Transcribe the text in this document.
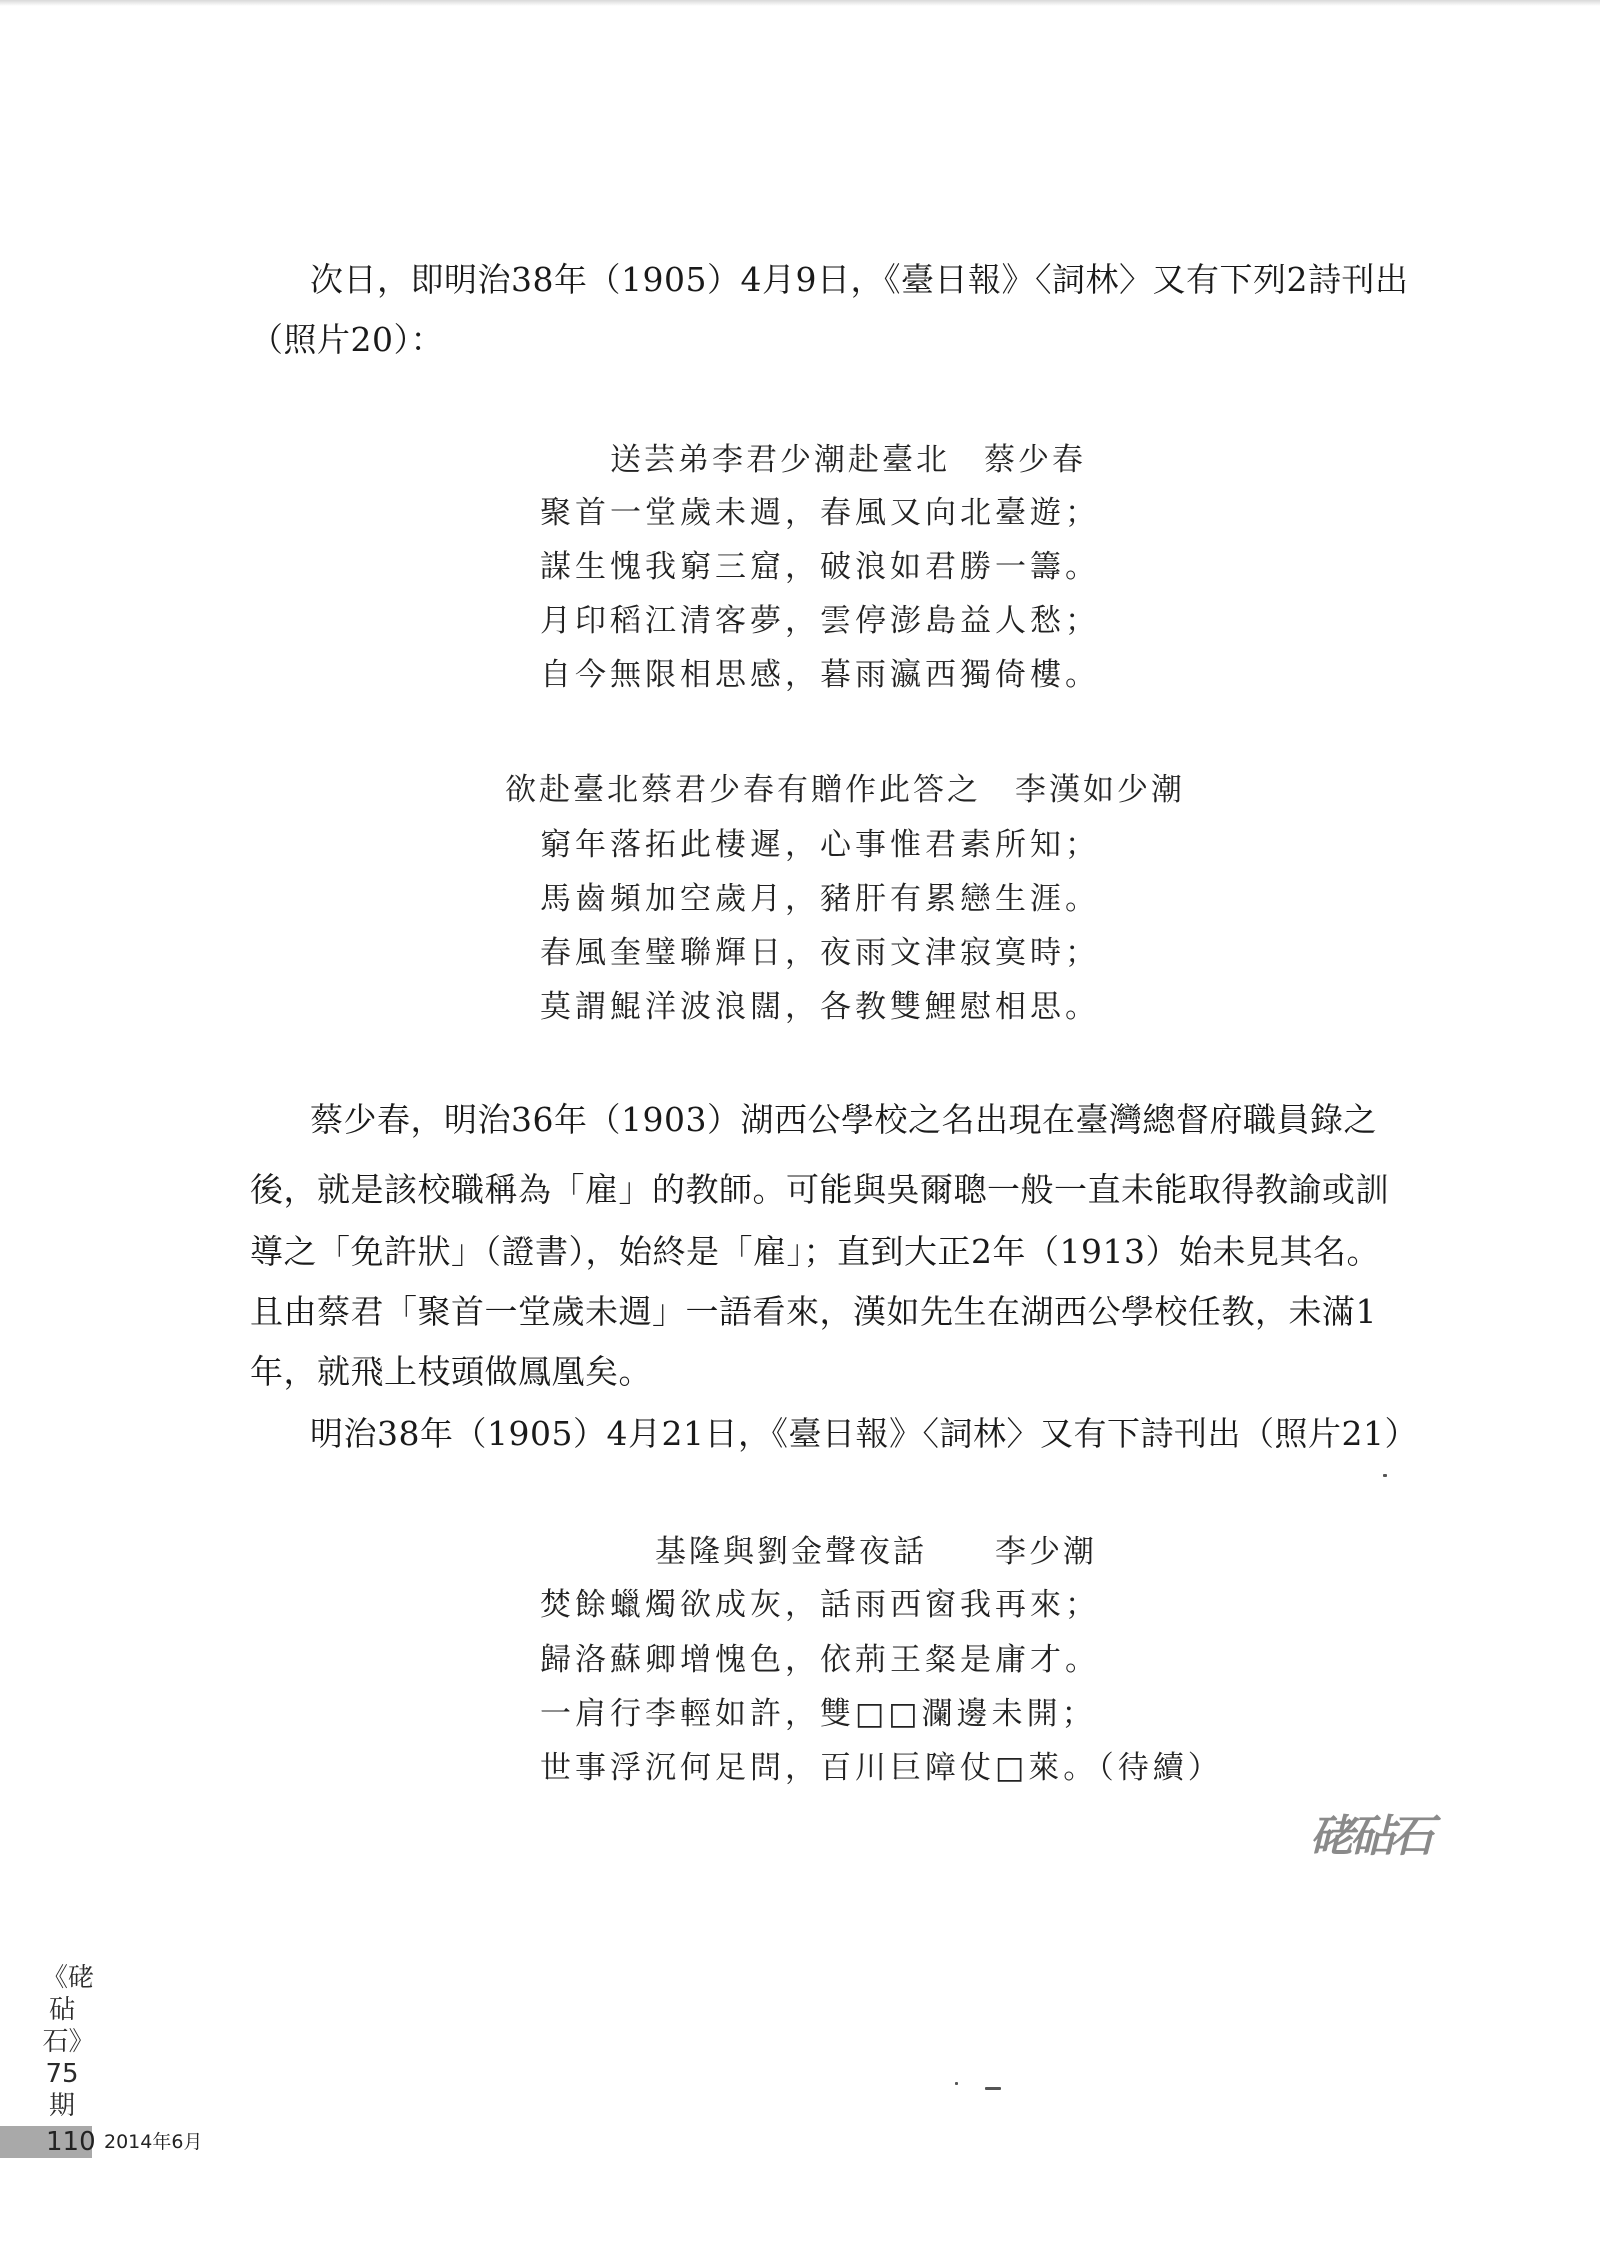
次日，即明治38年（1905）4月9日，《臺日報》〈詞林〉又有下列2詩刊出
（照片20）：
送芸弟李君少潮赴臺北　蔡少春
聚首一堂歲未週，春風又向北臺遊；
謀生愧我窮三窟，破浪如君勝一籌。
月印稻江清客夢，雲停澎島益人愁；
自今無限相思感，暮雨瀛西獨倚樓。
欲赴臺北蔡君少春有贈作此答之　李漢如少潮
窮年落拓此棲遲，心事惟君素所知；
馬齒頻加空歲月，豬肝有累戀生涯。
春風奎璧聯輝日，夜雨文津寂寞時；
莫謂鯤洋波浪闊，各教雙鯉慰相思。
蔡少春，明治36年（1903）湖西公學校之名出現在臺灣總督府職員錄之
後，就是該校職稱為「雇」的教師。可能與吳爾聰一般一直未能取得教諭或訓
導之「免許狀」（證書），始終是「雇」；直到大正2年（1913）始未見其名。
且由蔡君「聚首一堂歲未週」一語看來，漢如先生在湖西公學校任教，未滿1
年，就飛上枝頭做鳳凰矣。
明治38年（1905）4月21日，《臺日報》〈詞林〉又有下詩刊出（照片21）
基隆與劉金聲夜話　　李少潮
焚餘蠟燭欲成灰，話雨西窗我再來；
歸洛蘇卿增愧色，依荊王粲是庸才。
一肩行李輕如許，雙□□瀾邊未開；
世事浮沉何足問，百川巨障仗□萊。（待續）
硓砧石
《硓砧石》75期
110 2014年6月
